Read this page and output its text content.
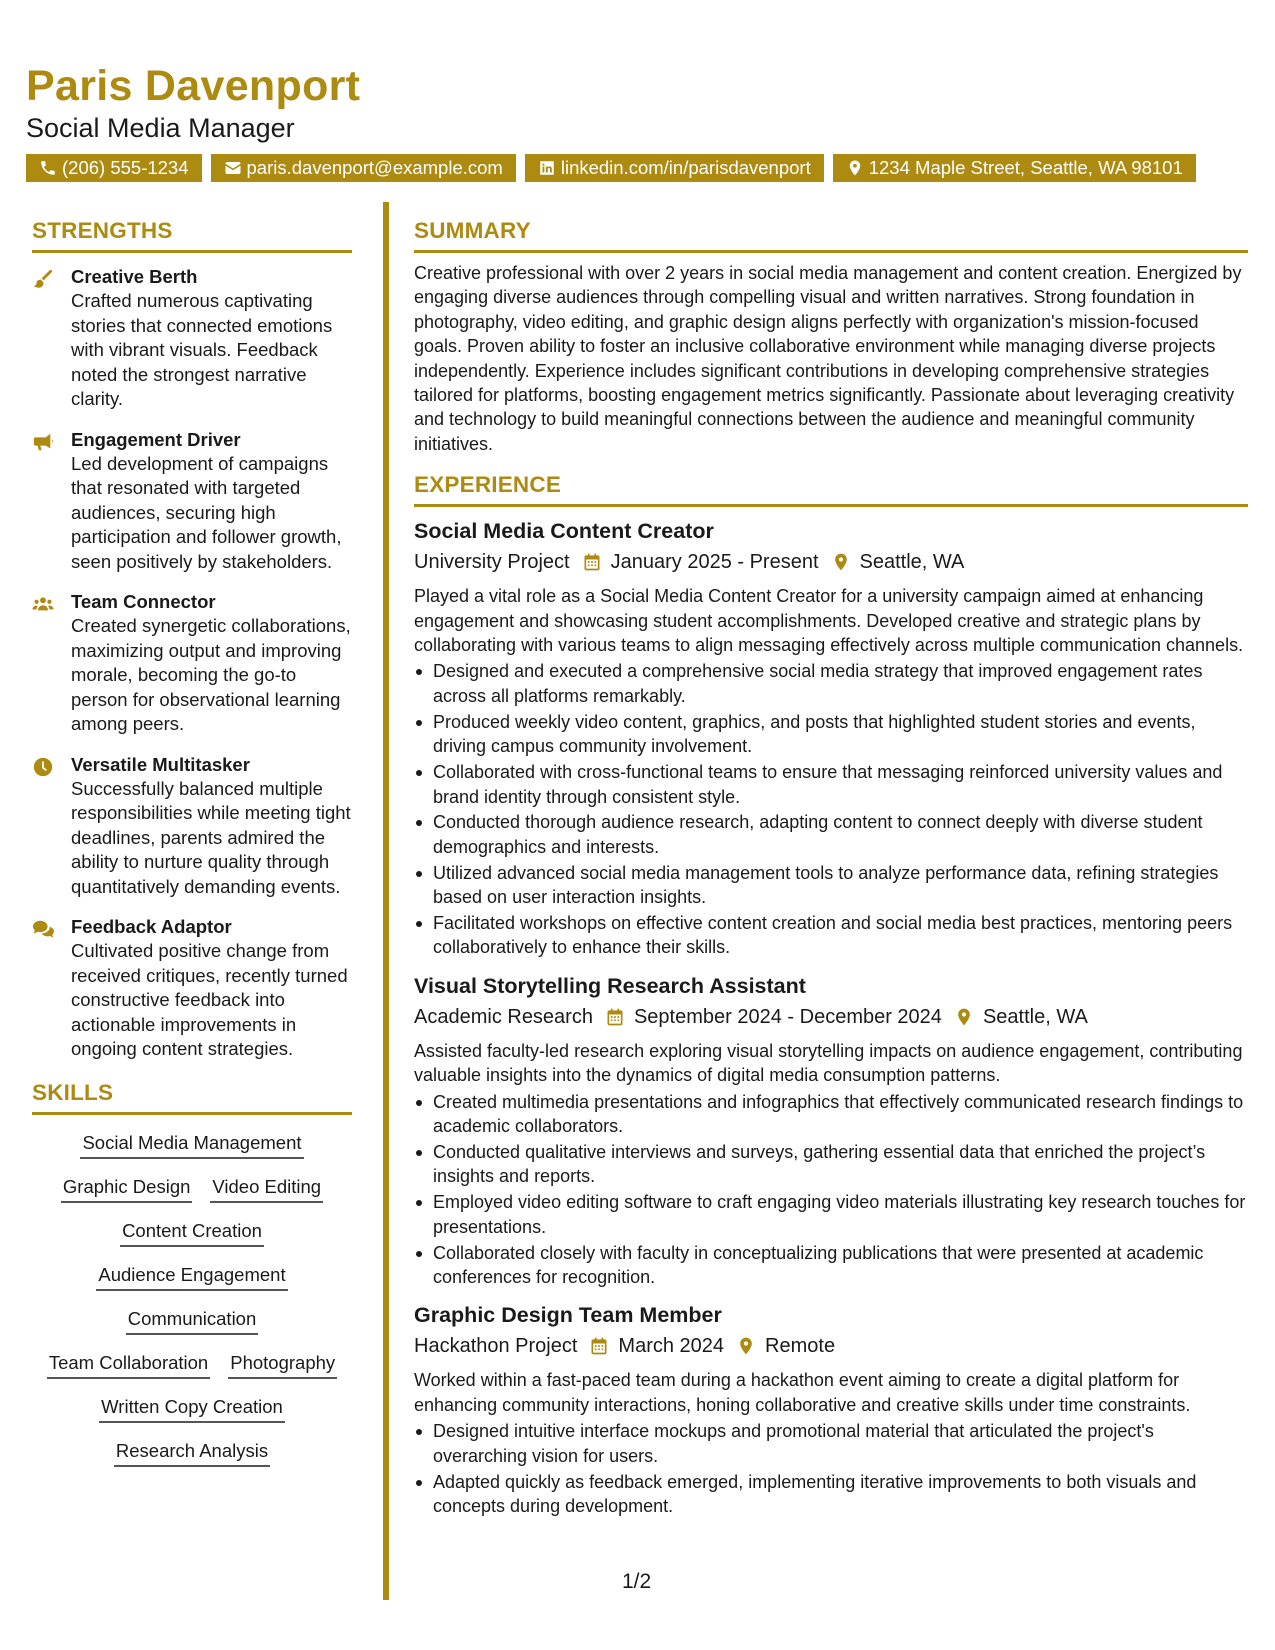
Paris Davenport
Social Media Manager
(206) 555-1234	paris.davenport@example.com	linkedin.com/in/parisdavenport	1234 Maple Street, Seattle, WA 98101
STRENGTHS
Creative Berth
Crafted numerous captivating stories that connected emotions with vibrant visuals. Feedback noted the strongest narrative clarity.
Engagement Driver
Led development of campaigns that resonated with targeted audiences, securing high participation and follower growth, seen positively by stakeholders.
Team Connector
Created synergetic collaborations, maximizing output and improving morale, becoming the go-to person for observational learning among peers.
Versatile Multitasker
Successfully balanced multiple responsibilities while meeting tight deadlines, parents admired the ability to nurture quality through quantitatively demanding events.
Feedback Adaptor
Cultivated positive change from received critiques, recently turned constructive feedback into actionable improvements in ongoing content strategies.
SKILLS
Social Media Management
Graphic Design Video Editing
Content Creation
Audience Engagement
Communication
Team Collaboration Photography
Written Copy Creation
Research Analysis
SUMMARY
Creative professional with over 2 years in social media management and content creation. Energized by engaging diverse audiences through compelling visual and written narratives. Strong foundation in photography, video editing, and graphic design aligns perfectly with organization's mission-focused goals. Proven ability to foster an inclusive collaborative environment while managing diverse projects independently. Experience includes significant contributions in developing comprehensive strategies tailored for platforms, boosting engagement metrics significantly. Passionate about leveraging creativity and technology to build meaningful connections between the audience and meaningful community initiatives.
EXPERIENCE
Social Media Content Creator
University Project January 2025 - Present Seattle, WA
Played a vital role as a Social Media Content Creator for a university campaign aimed at enhancing engagement and showcasing student accomplishments. Developed creative and strategic plans by collaborating with various teams to align messaging effectively across multiple communication channels.
Designed and executed a comprehensive social media strategy that improved engagement rates across all platforms remarkably.
Produced weekly video content, graphics, and posts that highlighted student stories and events, driving campus community involvement.
Collaborated with cross-functional teams to ensure that messaging reinforced university values and brand identity through consistent style.
Conducted thorough audience research, adapting content to connect deeply with diverse student demographics and interests.
Utilized advanced social media management tools to analyze performance data, refining strategies based on user interaction insights.
Facilitated workshops on effective content creation and social media best practices, mentoring peers collaboratively to enhance their skills.
Visual Storytelling Research Assistant
Academic Research September 2024 - December 2024 Seattle, WA
Assisted faculty-led research exploring visual storytelling impacts on audience engagement, contributing valuable insights into the dynamics of digital media consumption patterns.
Created multimedia presentations and infographics that effectively communicated research findings to academic collaborators.
Conducted qualitative interviews and surveys, gathering essential data that enriched the project’s insights and reports.
Employed video editing software to craft engaging video materials illustrating key research touches for presentations.
Collaborated closely with faculty in conceptualizing publications that were presented at academic conferences for recognition.
Graphic Design Team Member
Hackathon Project March 2024 Remote
Worked within a fast-paced team during a hackathon event aiming to create a digital platform for enhancing community interactions, honing collaborative and creative skills under time constraints.
Designed intuitive interface mockups and promotional material that articulated the project's overarching vision for users.
Adapted quickly as feedback emerged, implementing iterative improvements to both visuals and concepts during development.
1/2
